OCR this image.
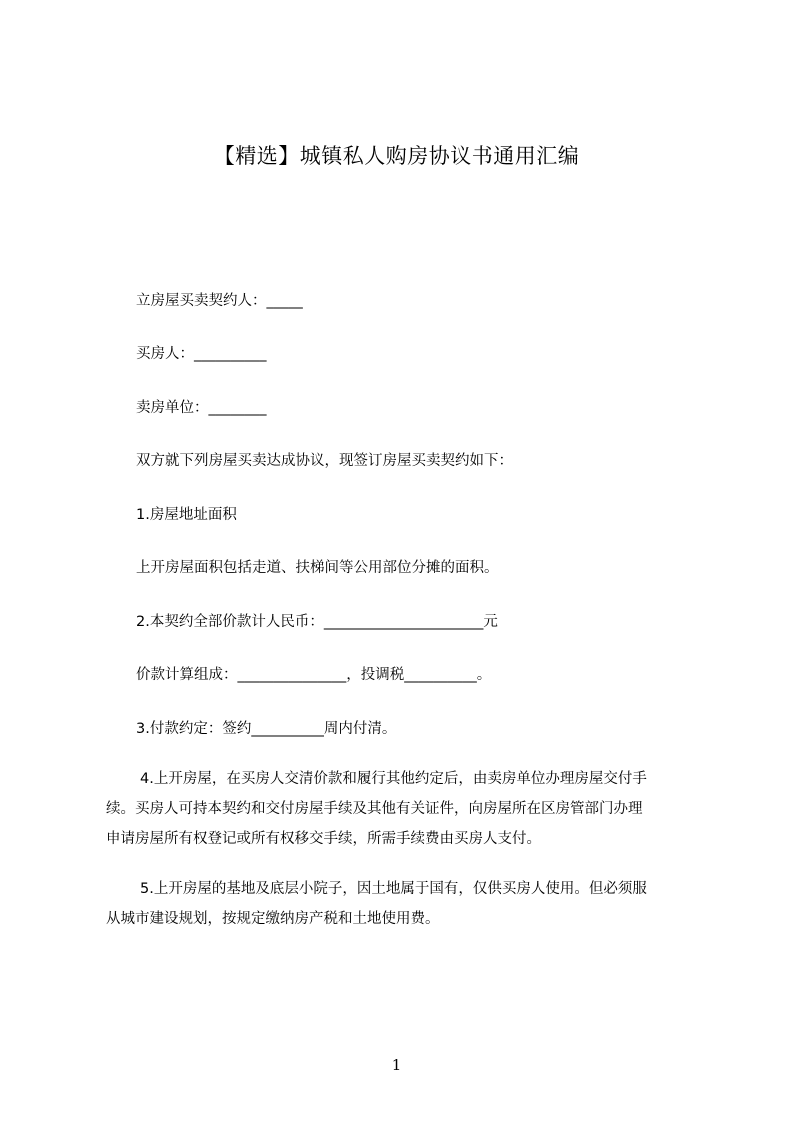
【精选】城镇私人购房协议书通用汇编
立房屋买卖契约人：_____
买房人：__________
卖房单位：________
双方就下列房屋买卖达成协议，现签订房屋买卖契约如下：
1.房屋地址面积
上开房屋面积包括走道、扶梯间等公用部位分摊的面积。
2.本契约全部价款计人民币：______________________元
价款计算组成：_______________，投调税__________。
3.付款约定：签约__________周内付清。
4.上开房屋，在买房人交清价款和履行其他约定后，由卖房单位办理房屋交付手
续。买房人可持本契约和交付房屋手续及其他有关证件，向房屋所在区房管部门办理
申请房屋所有权登记或所有权移交手续，所需手续费由买房人支付。
5.上开房屋的基地及底层小院子，因土地属于国有，仅供买房人使用。但必须服
从城市建设规划，按规定缴纳房产税和土地使用费。
1
